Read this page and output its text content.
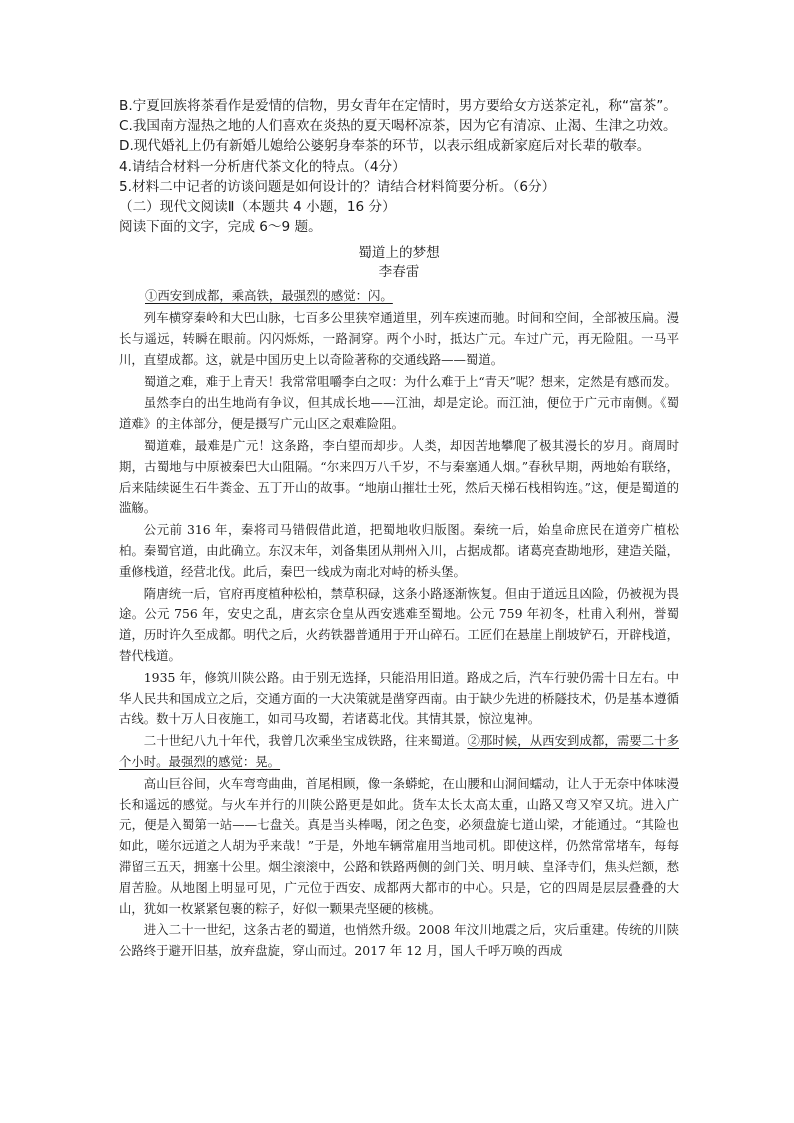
B.宁夏回族将茶看作是爱情的信物，男女青年在定情时，男方要给女方送茶定礼，称“富茶”。
C.我国南方湿热之地的人们喜欢在炎热的夏天喝杯凉茶，因为它有清凉、止渴、生津之功效。
D.现代婚礼上仍有新婚儿媳给公婆躬身奉茶的环节，以表示组成新家庭后对长辈的敬奉。
4.请结合材料一分析唐代茶文化的特点。（4分）
5.材料二中记者的访谈问题是如何设计的？请结合材料简要分析。（6分）
（二）现代文阅读Ⅱ（本题共 4 小题，16 分）
阅读下面的文字，完成 6～9 题。
蜀道上的梦想
李春雷

①西安到成都，乘高铁，最强烈的感觉：闪。

列车横穿秦岭和大巴山脉，七百多公里狭窄通道里，列车疾速而驰。时间和空间，全部被压扁。漫长与遥远，转瞬在眼前。闪闪烁烁，一路洞穿。两个小时，抵达广元。车过广元，再无险阻。一马平川，直望成都。这，就是中国历史上以奇险著称的交通线路——蜀道。

蜀道之难，难于上青天！我常常咀嚼李白之叹：为什么难于上“青天”呢？想来，定然是有感而发。

虽然李白的出生地尚有争议，但其成长地——江油，却是定论。而江油，便位于广元市南侧。《蜀道难》的主体部分，便是摄写广元山区之艰难险阻。

蜀道难，最难是广元！这条路，李白望而却步。人类，却因苦地攀爬了极其漫长的岁月。商周时期，古蜀地与中原被秦巴大山阻隔。“尔来四万八千岁，不与秦塞通人烟。”春秋早期，两地始有联络，后来陆续诞生石牛粪金、五丁开山的故事。“地崩山摧壮士死，然后天梯石栈相钩连。”这，便是蜀道的滥觞。

公元前 316 年，秦将司马错假借此道，把蜀地收归版图。秦统一后，始皇命庶民在道旁广植松柏。秦蜀官道，由此确立。东汉末年，刘备集团从荆州入川，占据成都。诸葛亮查勘地形，建造关隘，重修栈道，经营北伐。此后，秦巴一线成为南北对峙的桥头堡。

隋唐统一后，官府再度植种松柏，禁草积碌，这条小路逐渐恢复。但由于道远且凶险，仍被视为畏途。公元 756 年，安史之乱，唐玄宗仓皇从西安逃难至蜀地。公元 759 年初冬，杜甫入利州，誉蜀道，历时许久至成都。明代之后，火药铁器普通用于开山碎石。工匠们在悬崖上削坡铲石，开辟栈道，替代栈道。

1935 年，修筑川陕公路。由于别无选择，只能沿用旧道。路成之后，汽车行驶仍需十日左右。中华人民共和国成立之后，交通方面的一大决策就是凿穿西南。由于缺少先进的桥隧技术，仍是基本遵循古线。数十万人日夜施工，如司马攻蜀，若诸葛北伐。其情其景，惊泣鬼神。

二十世纪八九十年代，我曾几次乘坐宝成铁路，往来蜀道。②那时候，从西安到成都，需要二十多个小时。最强烈的感觉：晃。

高山巨谷间，火车弯弯曲曲，首尾相顾，像一条蟒蛇，在山腰和山洞间蠕动，让人于无奈中体味漫长和遥远的感觉。与火车并行的川陕公路更是如此。货车太长太高太重，山路又弯又窄又坑。进入广元，便是入蜀第一站——七盘关。真是当头棒喝，闭之色变，必须盘旋七道山梁，才能通过。“其险也如此，嗟尔远道之人胡为乎来哉！”于是，外地车辆常雇用当地司机。即使这样，仍然常常堵车，每每滞留三五天，拥塞十公里。烟尘滚滚中，公路和铁路两侧的剑门关、明月峡、皇泽寺们，焦头烂额，愁眉苦脸。从地图上明显可见，广元位于西安、成都两大都市的中心。只是，它的四周是层层叠叠的大山，犹如一枚紧紧包裹的粽子，好似一颗果壳坚硬的核桃。

进入二十一世纪，这条古老的蜀道，也悄然升级。2008 年汶川地震之后，灾后重建。传统的川陕公路终于避开旧基，放弃盘旋，穿山而过。2017 年 12 月，国人千呼万唤的西成
